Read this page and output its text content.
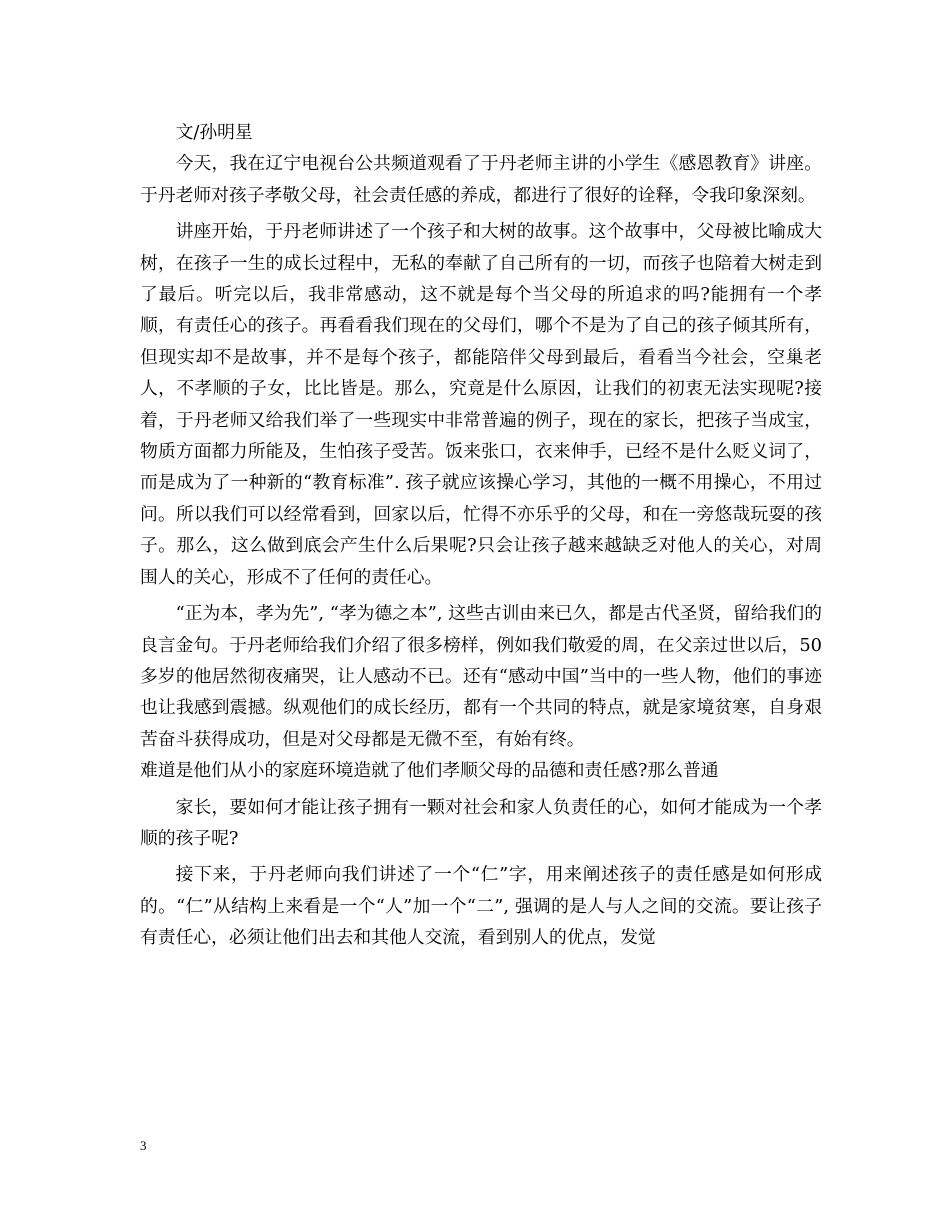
文/孙明星

今天，我在辽宁电视台公共频道观看了于丹老师主讲的小学生《感恩教育》讲座。于丹老师对孩子孝敬父母，社会责任感的养成，都进行了很好的诠释，令我印象深刻。

讲座开始，于丹老师讲述了一个孩子和大树的故事。这个故事中，父母被比喻成大树，在孩子一生的成长过程中，无私的奉献了自己所有的一切，而孩子也陪着大树走到了最后。听完以后，我非常感动，这不就是每个当父母的所追求的吗?能拥有一个孝顺，有责任心的孩子。再看看我们现在的父母们，哪个不是为了自己的孩子倾其所有，但现实却不是故事，并不是每个孩子，都能陪伴父母到最后，看看当今社会，空巢老人，不孝顺的子女，比比皆是。那么，究竟是什么原因，让我们的初衷无法实现呢?接着，于丹老师又给我们举了一些现实中非常普遍的例子，现在的家长，把孩子当成宝，物质方面都力所能及，生怕孩子受苦。饭来张口，衣来伸手，已经不是什么贬义词了，而是成为了一种新的“教育标准”. 孩子就应该操心学习，其他的一概不用操心，不用过问。所以我们可以经常看到，回家以后，忙得不亦乐乎的父母，和在一旁悠哉玩耍的孩子。那么，这么做到底会产生什么后果呢?只会让孩子越来越缺乏对他人的关心，对周围人的关心，形成不了任何的责任心。

“正为本，孝为先”, “孝为德之本”, 这些古训由来已久，都是古代圣贤，留给我们的良言金句。于丹老师给我们介绍了很多榜样，例如我们敬爱的周，在父亲过世以后，50 多岁的他居然彻夜痛哭，让人感动不已。还有“感动中国”当中的一些人物，他们的事迹也让我感到震撼。纵观他们的成长经历，都有一个共同的特点，就是家境贫寒，自身艰苦奋斗获得成功，但是对父母都是无微不至，有始有终。

难道是他们从小的家庭环境造就了他们孝顺父母的品德和责任感?那么普通

家长，要如何才能让孩子拥有一颗对社会和家人负责任的心，如何才能成为一个孝顺的孩子呢?

接下来，于丹老师向我们讲述了一个“仁”字，用来阐述孩子的责任感是如何形成的。“仁”从结构上来看是一个“人”加一个“二”, 强调的是人与人之间的交流。要让孩子有责任心，必须让他们出去和其他人交流，看到别人的优点，发觉

3
